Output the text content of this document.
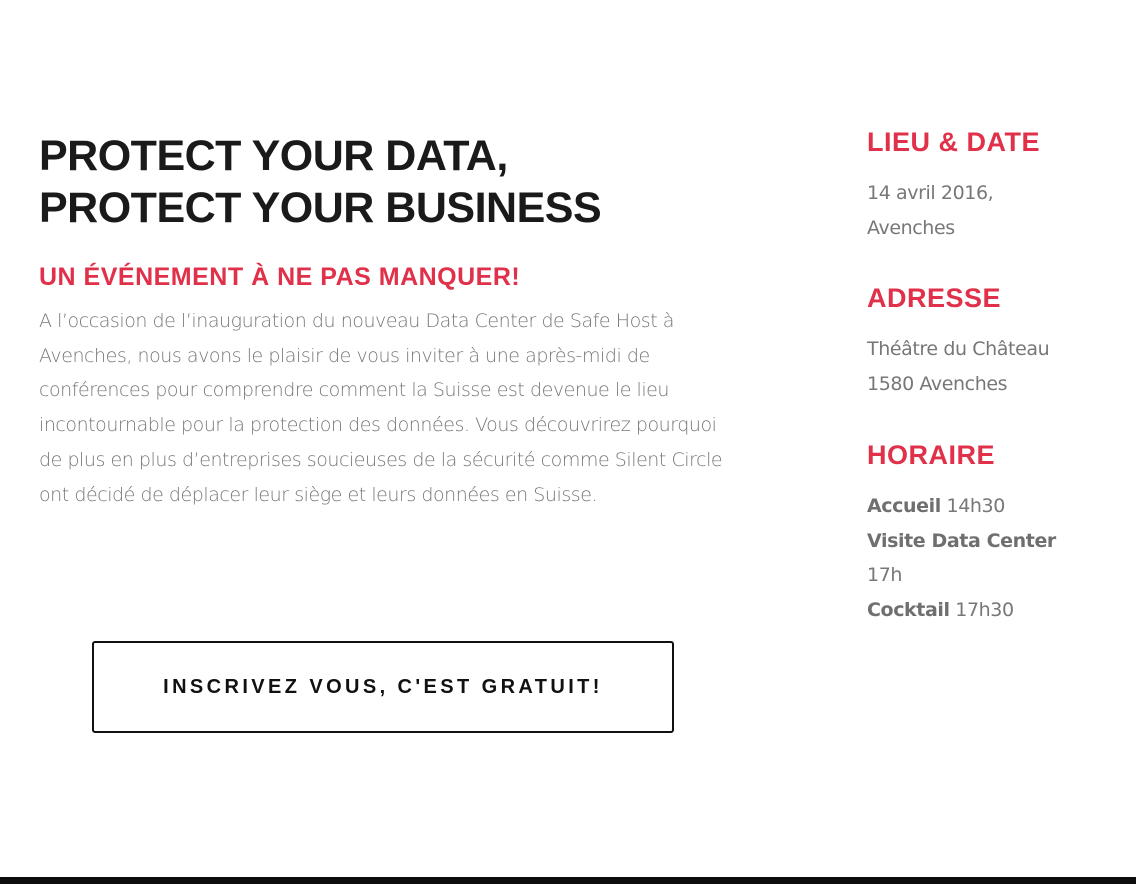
PROTECT YOUR DATA,
PROTECT YOUR BUSINESS
UN ÉVÉNEMENT À NE PAS MANQUER!

A l’occasion de l’inauguration du nouveau Data Center de Safe Host à Avenches, nous avons le plaisir de vous inviter à une après-midi de conférences pour comprendre comment la Suisse est devenue le lieu incontournable pour la protection des données. Vous découvrirez pourquoi de plus en plus d’entreprises soucieuses de la sécurité comme Silent Circle ont décidé de déplacer leur siège et leurs données en Suisse.

INSCRIVEZ VOUS, C'EST GRATUIT!
LIEU & DATE

14 avril 2016,
Avenches

ADRESSE

Théâtre du Château
1580 Avenches

HORAIRE

Accueil 14h30
Visite Data Center
17h
Cocktail 17h30
